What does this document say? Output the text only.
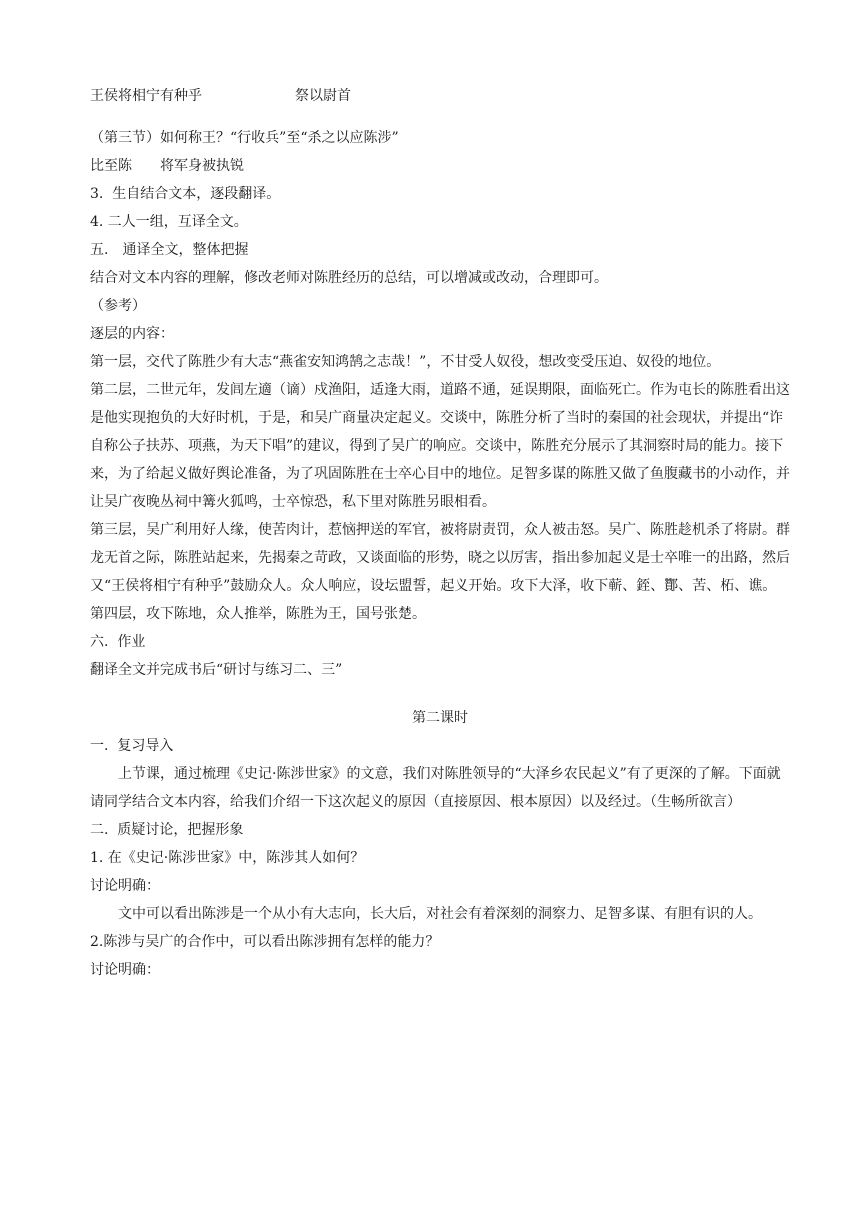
王侯将相宁有种乎	祭以尉首

（第三节）如何称王？“行收兵”至“杀之以应陈涉”

比至陈　　将军身被执锐

3.  生自结合文本，逐段翻译。

4. 二人一组，互译全文。

五.　通译全文，整体把握

结合对文本内容的理解，修改老师对陈胜经历的总结，可以增减或改动，合理即可。

（参考）

逐层的内容：

第一层，交代了陈胜少有大志“燕雀安知鸿鹄之志哉！”，不甘受人奴役，想改变受压迫、奴役的地位。

第二层，二世元年，发闾左適（谪）戍渔阳，适逢大雨，道路不通，延误期限，面临死亡。作为屯长的陈胜看出这是他实现抱负的大好时机，于是，和吴广商量决定起义。交谈中，陈胜分析了当时的秦国的社会现状，并提出“诈自称公子扶苏、项燕，为天下唱”的建议，得到了吴广的响应。交谈中，陈胜充分展示了其洞察时局的能力。接下来，为了给起义做好舆论准备，为了巩固陈胜在士卒心目中的地位。足智多谋的陈胜又做了鱼腹藏书的小动作，并让吴广夜晚丛祠中篝火狐鸣，士卒惊恐，私下里对陈胜另眼相看。

第三层，吴广利用好人缘，使苦肉计，惹恼押送的军官，被将尉责罚，众人被击怒。吴广、陈胜趁机杀了将尉。群龙无首之际，陈胜站起来，先揭秦之苛政，又谈面临的形势，晓之以厉害，指出参加起义是士卒唯一的出路，然后又“王侯将相宁有种乎”鼓励众人。众人响应，设坛盟誓，起义开始。攻下大泽，收下蕲、銍、酇、苦、柘、谯。

第四层，攻下陈地，众人推举，陈胜为王，国号张楚。

六.  作业

翻译全文并完成书后“研讨与练习二、三”

第二课时

一.  复习导入

上节课，通过梳理《史记·陈涉世家》的文意，我们对陈胜领导的“大泽乡农民起义”有了更深的了解。下面就请同学结合文本内容，给我们介绍一下这次起义的原因（直接原因、根本原因）以及经过。（生畅所欲言）

二.  质疑讨论，把握形象

1. 在《史记·陈涉世家》中，陈涉其人如何？

讨论明确：

文中可以看出陈涉是一个从小有大志向，长大后，对社会有着深刻的洞察力、足智多谋、有胆有识的人。

2.陈涉与吴广的合作中，可以看出陈涉拥有怎样的能力？

讨论明确：
